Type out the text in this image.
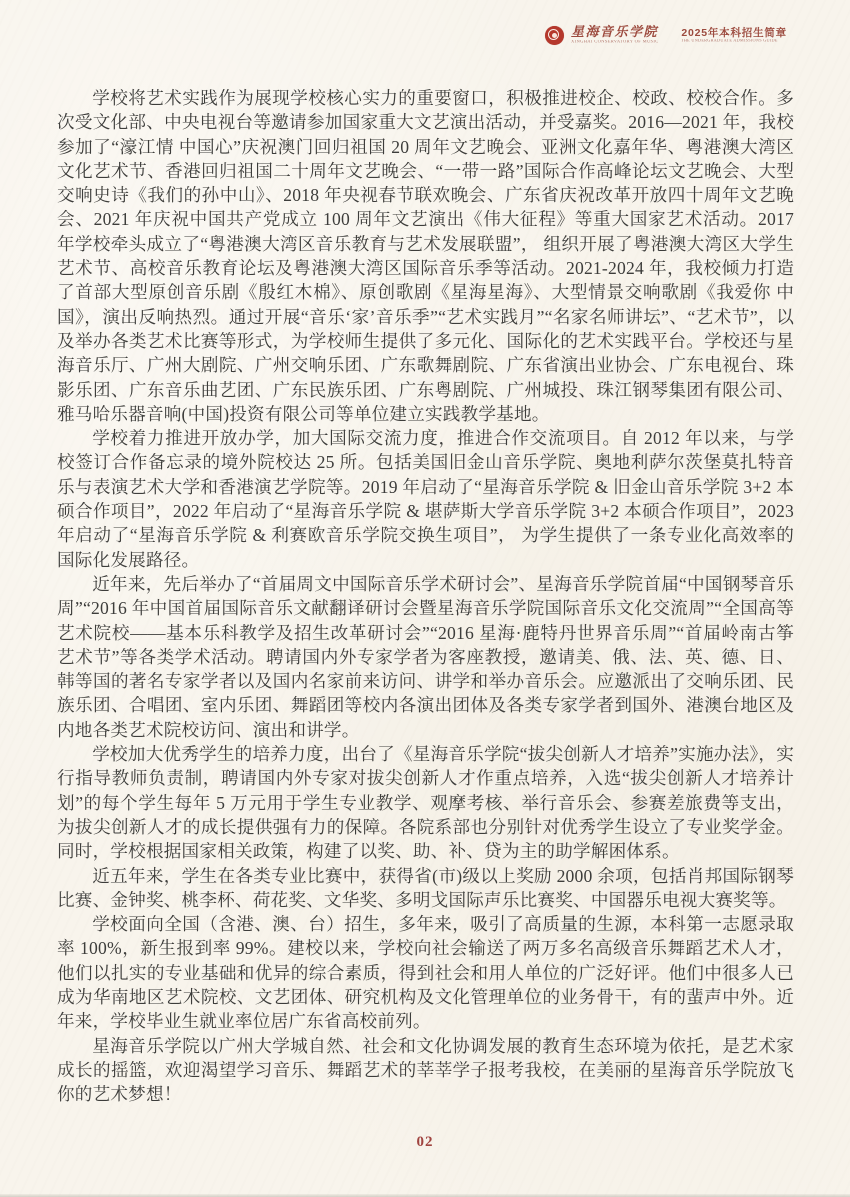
星海音乐学院
XINGHAI CONSERVATORY OF MUSIC
2025年本科招生简章
THE UNDERGRADUATE ADMISSIONS GUIDE

学校将艺术实践作为展现学校核心实力的重要窗口，积极推进校企、校政、校校合作。多次受文化部、中央电视台等邀请参加国家重大文艺演出活动，并受嘉奖。2016—2021 年，我校参加了“濠江情 中国心”庆祝澳门回归祖国 20 周年文艺晚会、亚洲文化嘉年华、粤港澳大湾区文化艺术节、香港回归祖国二十周年文艺晚会、“一带一路”国际合作高峰论坛文艺晚会、大型交响史诗《我们的孙中山》、2018 年央视春节联欢晚会、广东省庆祝改革开放四十周年文艺晚会、2021 年庆祝中国共产党成立 100 周年文艺演出《伟大征程》等重大国家艺术活动。2017 年学校牵头成立了“粤港澳大湾区音乐教育与艺术发展联盟”， 组织开展了粤港澳大湾区大学生艺术节、高校音乐教育论坛及粤港澳大湾区国际音乐季等活动。2021-2024 年，我校倾力打造了首部大型原创音乐剧《殷红木棉》、原创歌剧《星海星海》、大型情景交响歌剧《我爱你 中国》，演出反响热烈。通过开展“音乐‘家’音乐季”“艺术实践月”“名家名师讲坛”、“艺术节”，以及举办各类艺术比赛等形式，为学校师生提供了多元化、国际化的艺术实践平台。学校还与星海音乐厅、广州大剧院、广州交响乐团、广东歌舞剧院、广东省演出业协会、广东电视台、珠影乐团、广东音乐曲艺团、广东民族乐团、广东粤剧院、广州城投、珠江钢琴集团有限公司、雅马哈乐器音响(中国)投资有限公司等单位建立实践教学基地。

学校着力推进开放办学，加大国际交流力度，推进合作交流项目。自 2012 年以来，与学校签订合作备忘录的境外院校达 25 所。包括美国旧金山音乐学院、奥地利萨尔茨堡莫扎特音乐与表演艺术大学和香港演艺学院等。2019 年启动了“星海音乐学院 & 旧金山音乐学院 3+2 本硕合作项目”，2022 年启动了“星海音乐学院 & 堪萨斯大学音乐学院 3+2 本硕合作项目”，2023 年启动了“星海音乐学院 & 利赛欧音乐学院交换生项目”， 为学生提供了一条专业化高效率的国际化发展路径。

近年来，先后举办了“首届周文中国际音乐学术研讨会”、星海音乐学院首届“中国钢琴音乐周”“2016 年中国首届国际音乐文献翻译研讨会暨星海音乐学院国际音乐文化交流周”“全国高等艺术院校——基本乐科教学及招生改革研讨会”“2016 星海·鹿特丹世界音乐周”“首届岭南古筝艺术节”等各类学术活动。聘请国内外专家学者为客座教授，邀请美、俄、法、英、德、日、韩等国的著名专家学者以及国内名家前来访问、讲学和举办音乐会。应邀派出了交响乐团、民族乐团、合唱团、室内乐团、舞蹈团等校内各演出团体及各类专家学者到国外、港澳台地区及内地各类艺术院校访问、演出和讲学。

学校加大优秀学生的培养力度，出台了《星海音乐学院“拔尖创新人才培养”实施办法》，实行指导教师负责制，聘请国内外专家对拔尖创新人才作重点培养，入选“拔尖创新人才培养计划”的每个学生每年 5 万元用于学生专业教学、观摩考核、举行音乐会、参赛差旅费等支出，为拔尖创新人才的成长提供强有力的保障。各院系部也分别针对优秀学生设立了专业奖学金。同时，学校根据国家相关政策，构建了以奖、助、补、贷为主的助学解困体系。

近五年来，学生在各类专业比赛中，获得省(市)级以上奖励 2000 余项，包括肖邦国际钢琴比赛、金钟奖、桃李杯、荷花奖、文华奖、多明戈国际声乐比赛奖、中国器乐电视大赛奖等。

学校面向全国（含港、澳、台）招生，多年来，吸引了高质量的生源，本科第一志愿录取率 100%，新生报到率 99%。建校以来，学校向社会输送了两万多名高级音乐舞蹈艺术人才，他们以扎实的专业基础和优异的综合素质，得到社会和用人单位的广泛好评。他们中很多人已成为华南地区艺术院校、文艺团体、研究机构及文化管理单位的业务骨干，有的蜚声中外。近年来，学校毕业生就业率位居广东省高校前列。

星海音乐学院以广州大学城自然、社会和文化协调发展的教育生态环境为依托，是艺术家成长的摇篮，欢迎渴望学习音乐、舞蹈艺术的莘莘学子报考我校，在美丽的星海音乐学院放飞你的艺术梦想！

02
